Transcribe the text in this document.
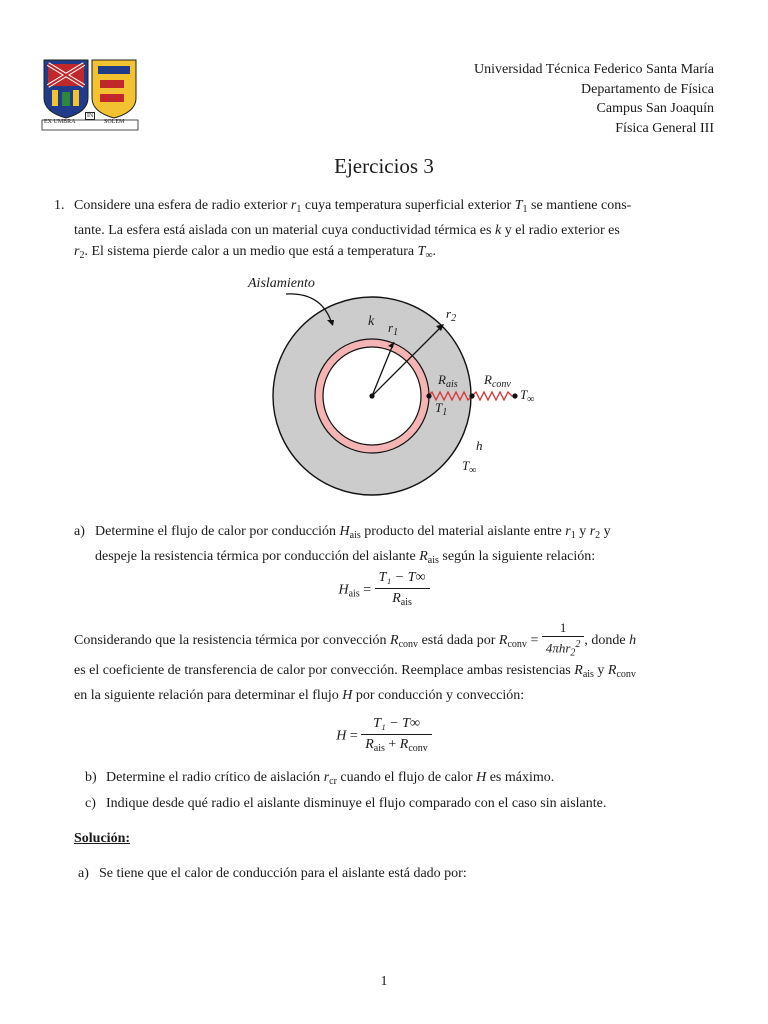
EX UMBRA
IN
SOLEM
Universidad Técnica Federico Santa María
Departamento de Física
Campus San Joaquín
Física General III
Ejercicios 3
1. Considere una esfera de radio exterior $r_1$ cuya temperatura superficial exterior $T_1$ se mantiene cons-
tante. La esfera está aislada con un material cuya conductividad térmica es k y el radio exterior es
$r_2$. El sistema pierde calor a un medio que está a temperatura $T_\infty$.
Aislamiento
k $r_1$
$r_2$
$R_{ais}$ $R_{conv}$
$T_\infty$
$T_1$
h
$T_\infty$
a) Determine el flujo de calor por conducción $H_{ais}$ producto del material aislante entre $r_1$ y $r_2$ y
despeje la resistencia térmica por conducción del aislante $R_{ais}$ según la siguiente relación:
$H_{ais} = \frac{\text{T₁ − T∞}}{R_{ais}}$
Considerando que la resistencia térmica por convección $R_{conv}$ está dada por $R_{conv} = \frac{1}{4\pi hr_2^2}$ , donde h
es el coeficiente de transferencia de calor por convección. Reemplace ambas resistencias $R_{ais}$ y $R_{conv}$
en la siguiente relación para determinar el flujo H por conducción y convección:
$H = \frac{\text{T₁ − T∞}}{R_{ais} + R_{conv}}$
b) Determine el radio crítico de aislación $r_{cr}$ cuando el flujo de calor H es máximo.
c) Indique desde qué radio el aislante disminuye el flujo comparado con el caso sin aislante.
Solución:
a) Se tiene que el calor de conducción para el aislante está dado por:
1
